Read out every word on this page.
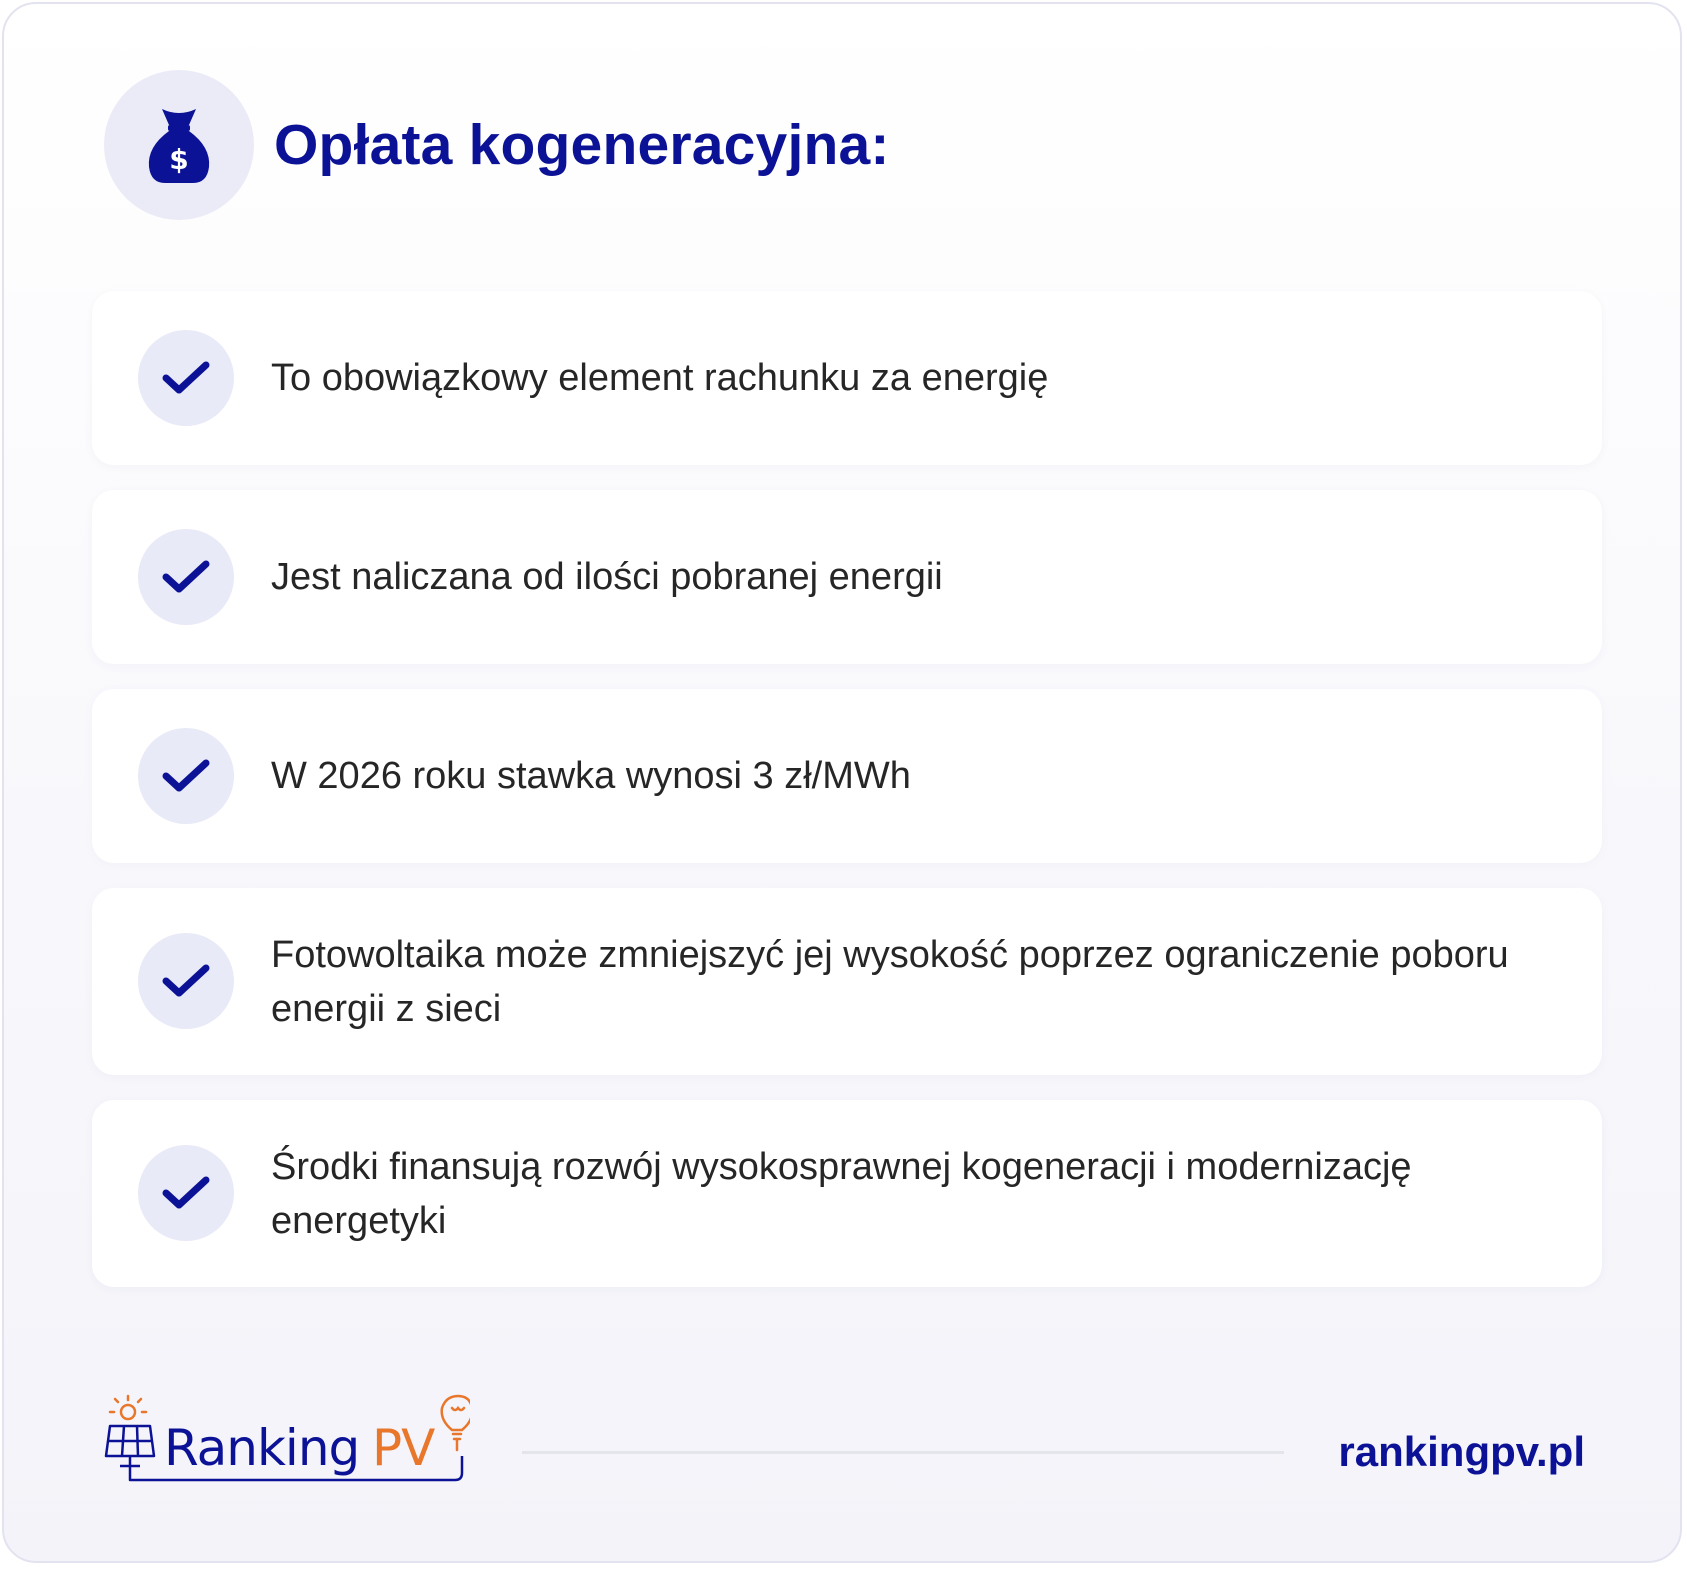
$ Opłata kogeneracyjna:
To obowiązkowy element rachunku za energię
Jest naliczana od ilości pobranej energii
W 2026 roku stawka wynosi 3 zł/MWh
Fotowoltaika może zmniejszyć jej wysokość poprzez ograniczenie poboru energii z sieci
Środki finansują rozwój wysokosprawnej kogeneracji i modernizację energetyki
Ranking PV	rankingpv.pl
